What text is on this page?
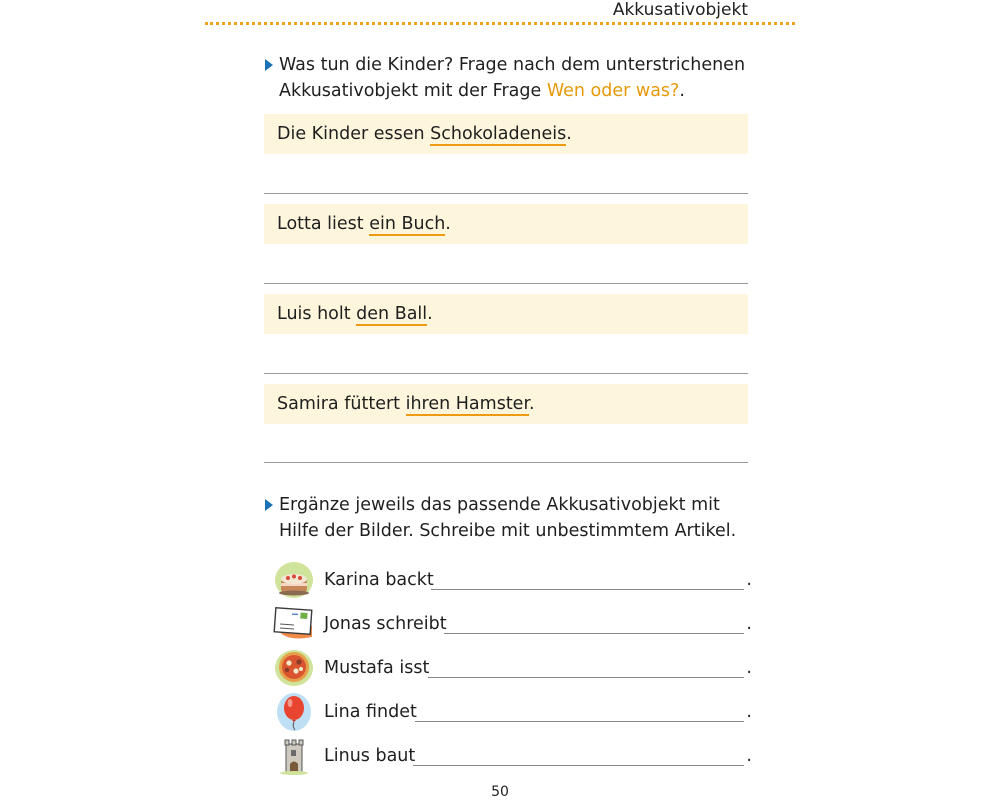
Akkusativobjekt
Was tun die Kinder? Frage nach dem unterstrichenen Akkusativobjekt mit der Frage Wen oder was?.
Die Kinder essen Schokoladeneis.
Lotta liest ein Buch.
Luis holt den Ball.
Samira füttert ihren Hamster.
Ergänze jeweils das passende Akkusativobjekt mit Hilfe der Bilder. Schreibe mit unbestimmtem Artikel.
Karina backt	.
Jonas schreibt	.
Mustafa isst	.
Lina findet	.
Linus baut	.
50
